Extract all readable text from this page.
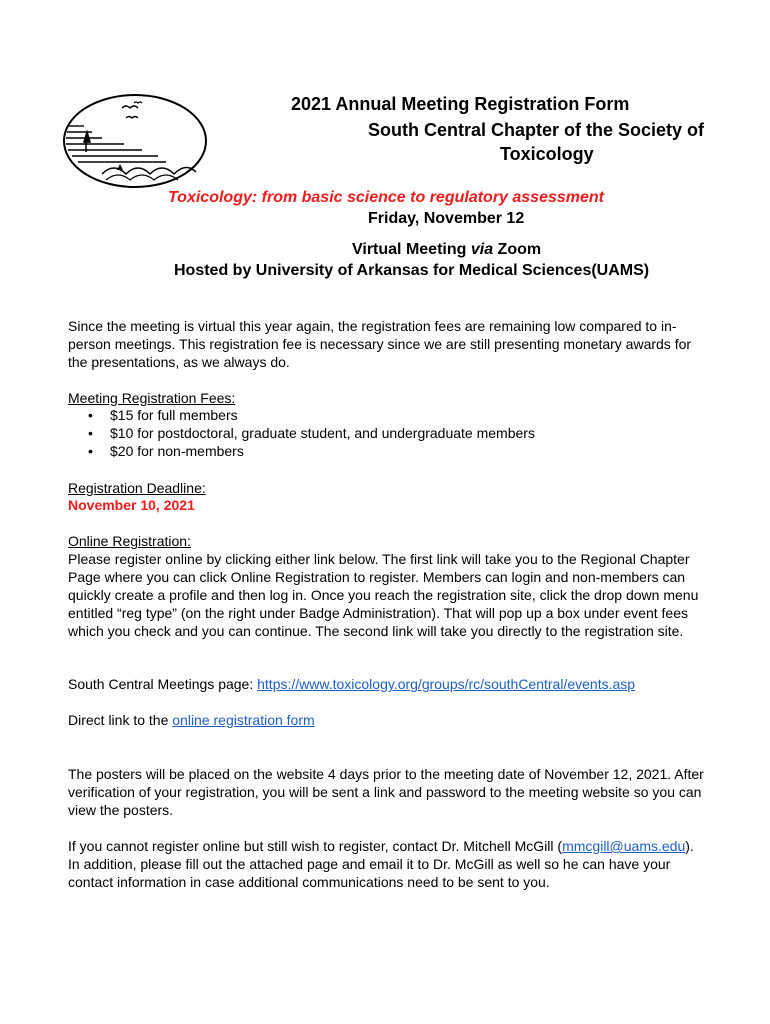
2021 Annual Meeting Registration Form

South Central Chapter of the Society of

Toxicology

Toxicology: from basic science to regulatory assessment

Friday, November 12

Virtual Meeting via Zoom

Hosted by University of Arkansas for Medical Sciences(UAMS)

Since the meeting is virtual this year again, the registration fees are remaining low compared to in-person meetings. This registration fee is necessary since we are still presenting monetary awards for the presentations, as we always do.

Meeting Registration Fees:

• $15 for full members
• $10 for postdoctoral, graduate student, and undergraduate members
• $20 for non-members

Registration Deadline:

November 10, 2021

Online Registration:

Please register online by clicking either link below. The first link will take you to the Regional Chapter Page where you can click Online Registration to register. Members can login and non-members can quickly create a profile and then log in. Once you reach the registration site, click the drop down menu entitled “reg type” (on the right under Badge Administration). That will pop up a box under event fees which you check and you can continue. The second link will take you directly to the registration site.

South Central Meetings page: https://www.toxicology.org/groups/rc/southCentral/events.asp

Direct link to the online registration form

The posters will be placed on the website 4 days prior to the meeting date of November 12, 2021. After verification of your registration, you will be sent a link and password to the meeting website so you can view the posters.

If you cannot register online but still wish to register, contact Dr. Mitchell McGill (mmcgill@uams.edu). In addition, please fill out the attached page and email it to Dr. McGill as well so he can have your contact information in case additional communications need to be sent to you.
